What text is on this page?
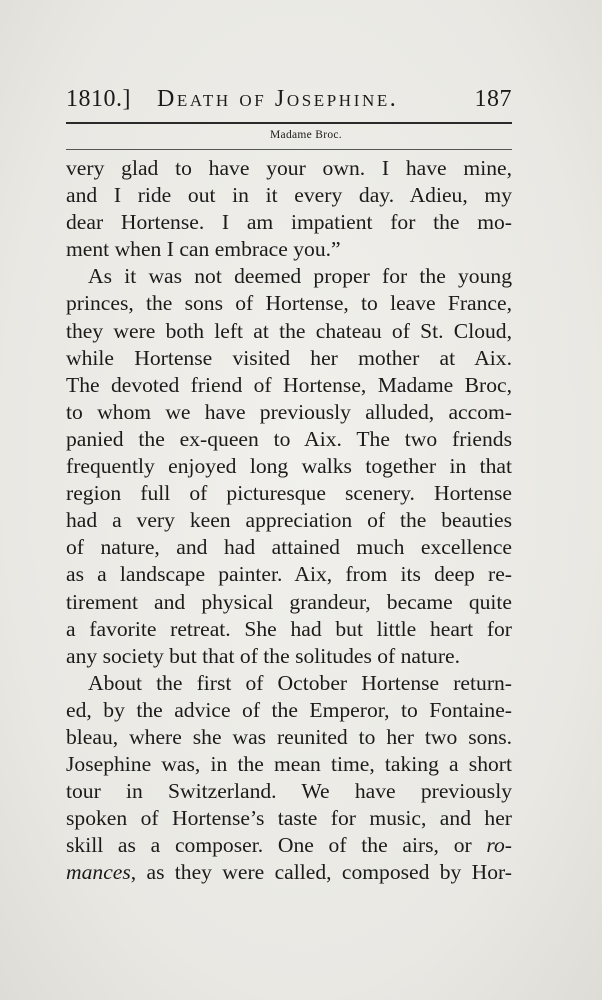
1810.] Death of Josephine.	187
Madame Broc.
very glad to have your own. I have mine,
and I ride out in it every day. Adieu, my
dear Hortense. I am impatient for the mo-
ment when I can embrace you.”
As it was not deemed proper for the young
princes, the sons of Hortense, to leave France,
they were both left at the chateau of St. Cloud,
while Hortense visited her mother at Aix.
The devoted friend of Hortense, Madame Broc,
to whom we have previously alluded, accom-
panied the ex-queen to Aix. The two friends
frequently enjoyed long walks together in that
region full of picturesque scenery. Hortense
had a very keen appreciation of the beauties
of nature, and had attained much excellence
as a landscape painter. Aix, from its deep re-
tirement and physical grandeur, became quite
a favorite retreat. She had but little heart for
any society but that of the solitudes of nature.
About the first of October Hortense return-
ed, by the advice of the Emperor, to Fontaine-
bleau, where she was reunited to her two sons.
Josephine was, in the mean time, taking a short
tour in Switzerland. We have previously
spoken of Hortense’s taste for music, and her
skill as a composer. One of the airs, or ro-
mances, as they were called, composed by Hor-
